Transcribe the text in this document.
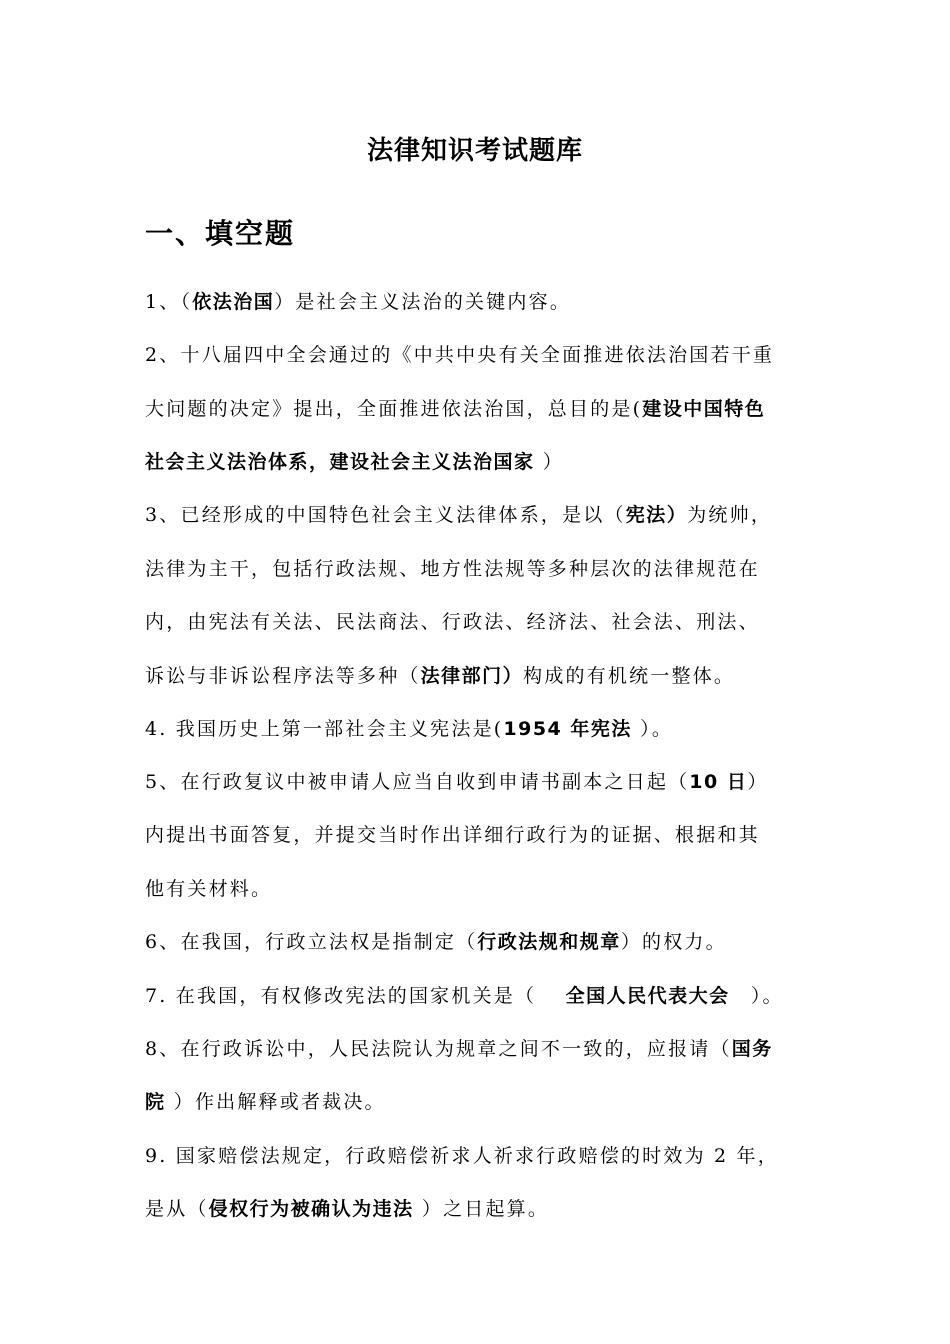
法律知识考试题库
一、填空题
1、（依法治国）是社会主义法治的关键内容。
2、十八届四中全会通过的《中共中央有关全面推进依法治国若干重
大问题的决定》提出，全面推进依法治国，总目的是(建设中国特色
社会主义法治体系，建设社会主义法治国家 ）
3、已经形成的中国特色社会主义法律体系，是以（宪法）为统帅，
法律为主干，包括行政法规、地方性法规等多种层次的法律规范在
内，由宪法有关法、民法商法、行政法、经济法、社会法、刑法、
诉讼与非诉讼程序法等多种（法律部门）构成的有机统一整体。
4. 我国历史上第一部社会主义宪法是(1954 年宪法 ）。
5、在行政复议中被申请人应当自收到申请书副本之日起（10 日）
内提出书面答复，并提交当时作出详细行政行为的证据、根据和其
他有关材料。
6、在我国，行政立法权是指制定（行政法规和规章）的权力。
7. 在我国，有权修改宪法的国家机关是（　 全国人民代表大会　）。
8、在行政诉讼中，人民法院认为规章之间不一致的，应报请（国务
院 ）作出解释或者裁决。
9. 国家赔偿法规定，行政赔偿祈求人祈求行政赔偿的时效为 2 年，
是从（侵权行为被确认为违法 ）之日起算。
